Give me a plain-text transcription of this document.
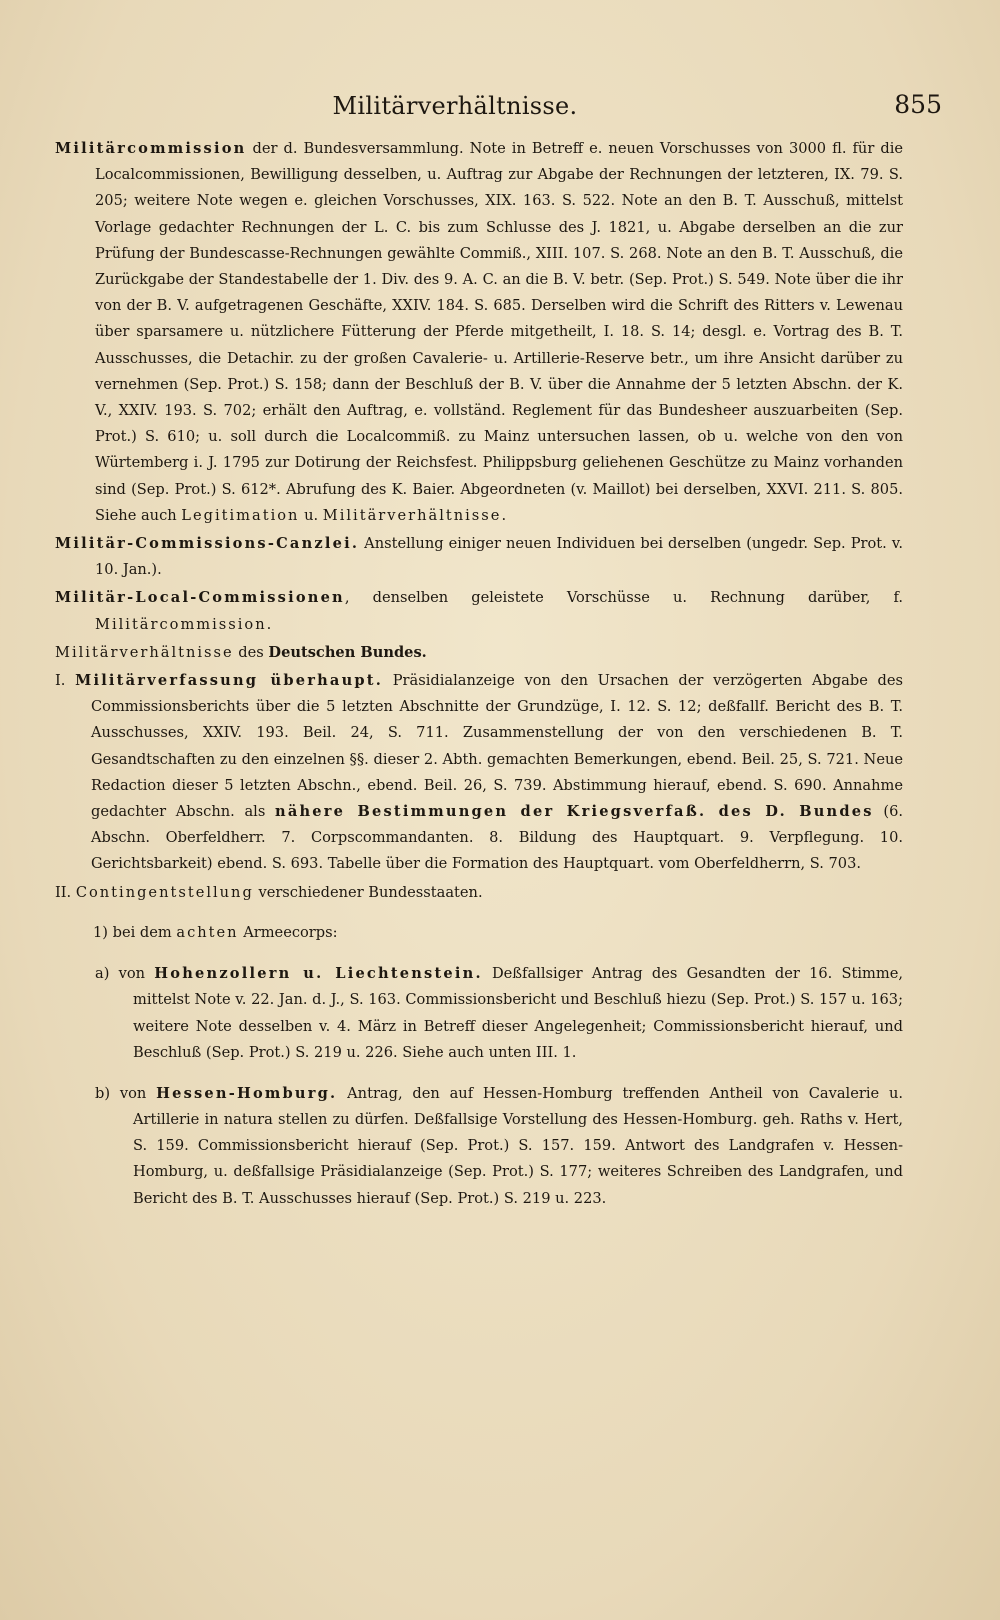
Militärverhältnisse.	855

Militärcommission der d. Bundesversammlung. Note in Betreff e. neuen Vorschusses von 3000 fl. für die Localcommissionen, Bewilligung desselben, u. Auftrag zur Abgabe der Rechnungen der letzteren, IX. 79. S. 205; weitere Note wegen e. gleichen Vorschusses, XIX. 163. S. 522. Note an den B. T. Ausschuß, mittelst Vorlage gedachter Rechnungen der L. C. bis zum Schlusse des J. 1821, u. Abgabe derselben an die zur Prüfung der Bundescasse-Rechnungen gewählte Commiß., XIII. 107. S. 268. Note an den B. T. Ausschuß, die Zurückgabe der Standestabelle der 1. Div. des 9. A. C. an die B. V. betr. (Sep. Prot.) S. 549. Note über die ihr von der B. V. aufgetragenen Geschäfte, XXIV. 184. S. 685. Derselben wird die Schrift des Ritters v. Lewenau über sparsamere u. nützlichere Fütterung der Pferde mitgetheilt, I. 18. S. 14; desgl. e. Vortrag des B. T. Ausschusses, die Detachir. zu der großen Cavalerie- u. Artillerie-Reserve betr., um ihre Ansicht darüber zu vernehmen (Sep. Prot.) S. 158; dann der Beschluß der B. V. über die Annahme der 5 letzten Abschn. der K. V., XXIV. 193. S. 702; erhält den Auftrag, e. vollständ. Reglement für das Bundesheer auszuarbeiten (Sep. Prot.) S. 610; u. soll durch die Localcommiß. zu Mainz untersuchen lassen, ob u. welche von den von Würtemberg i. J. 1795 zur Dotirung der Reichsfest. Philippsburg geliehenen Geschütze zu Mainz vorhanden sind (Sep. Prot.) S. 612*. Abrufung des K. Baier. Abgeordneten (v. Maillot) bei derselben, XXVI. 211. S. 805. Siehe auch Legitimation u. Militärverhältnisse.

Militär-Commissions-Canzlei. Anstellung einiger neuen Individuen bei derselben (ungedr. Sep. Prot. v. 10. Jan.).

Militär-Local-Commissionen, denselben geleistete Vorschüsse u. Rechnung darüber, f. Militärcommission.

Militärverhältnisse des Deutschen Bundes.

I. Militärverfassung überhaupt. Präsidialanzeige von den Ursachen der verzögerten Abgabe des Commissionsberichts über die 5 letzten Abschnitte der Grundzüge, I. 12. S. 12; deßfallf. Bericht des B. T. Ausschusses, XXIV. 193. Beil. 24, S. 711. Zusammenstellung der von den verschiedenen B. T. Gesandtschaften zu den einzelnen §§. dieser 2. Abth. gemachten Bemerkungen, ebend. Beil. 25, S. 721. Neue Redaction dieser 5 letzten Abschn., ebend. Beil. 26, S. 739. Abstimmung hierauf, ebend. S. 690. Annahme gedachter Abschn. als nähere Bestimmungen der Kriegsverfaß. des D. Bundes (6. Abschn. Oberfeldherr. 7. Corpscommandanten. 8. Bildung des Hauptquart. 9. Verpflegung. 10. Gerichtsbarkeit) ebend. S. 693. Tabelle über die Formation des Hauptquart. vom Oberfeldherrn, S. 703.

II. Contingentstellung verschiedener Bundesstaaten.

1) bei dem achten Armeecorps:

a) von Hohenzollern u. Liechtenstein. Deßfallsiger Antrag des Gesandten der 16. Stimme, mittelst Note v. 22. Jan. d. J., S. 163. Commissionsbericht und Beschluß hiezu (Sep. Prot.) S. 157 u. 163; weitere Note desselben v. 4. März in Betreff dieser Angelegenheit; Commissionsbericht hierauf, und Beschluß (Sep. Prot.) S. 219 u. 226. Siehe auch unten III. 1.

b) von Hessen-Homburg. Antrag, den auf Hessen-Homburg treffenden Antheil von Cavalerie u. Artillerie in natura stellen zu dürfen. Deßfallsige Vorstellung des Hessen-Homburg. geh. Raths v. Hert, S. 159. Commissionsbericht hierauf (Sep. Prot.) S. 157. 159. Antwort des Landgrafen v. Hessen-Homburg, u. deßfallsige Präsidialanzeige (Sep. Prot.) S. 177; weiteres Schreiben des Landgrafen, und Bericht des B. T. Ausschusses hierauf (Sep. Prot.) S. 219 u. 223.
